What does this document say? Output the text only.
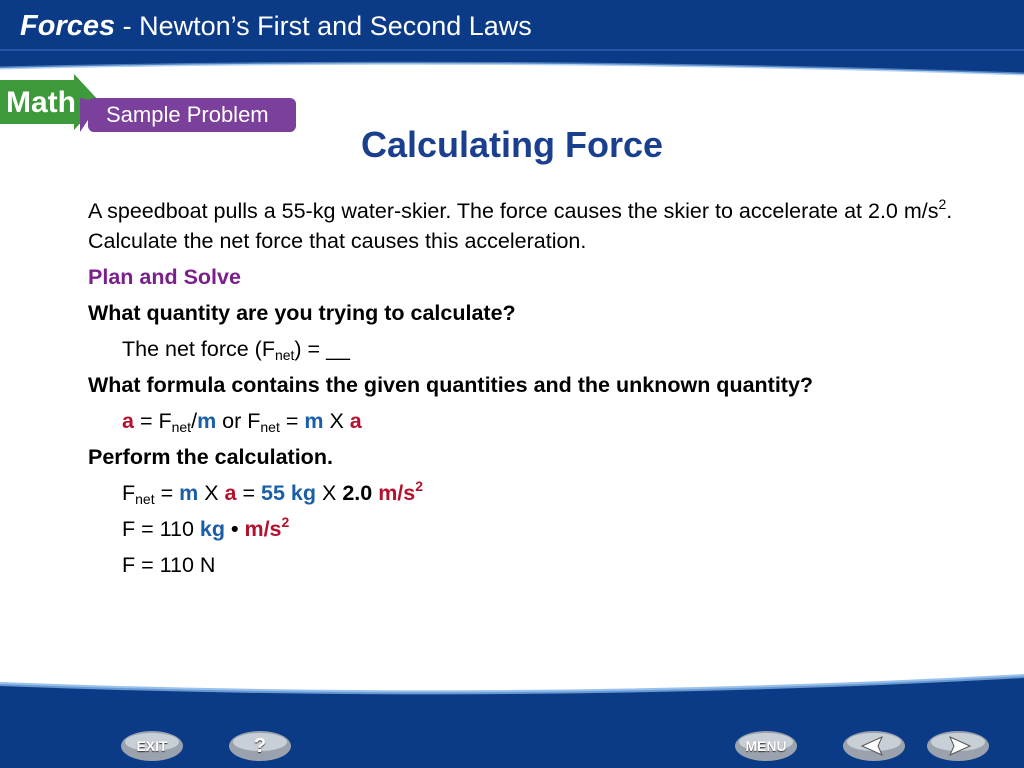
Forces - Newton’s First and Second Laws
Math Sample Problem
Calculating Force

A speedboat pulls a 55-kg water-skier. The force causes the skier to accelerate at 2.0 $m/s^2$. Calculate the net force that causes this acceleration.

Plan and Solve

What quantity are you trying to calculate?

The net force $(F_{net})$ = __

What formula contains the given quantities and the unknown quantity?

$a = F_{net}/m$ or $F_{net} = m$ X a

Perform the calculation.

$F_{net} = m$ X a = 55 kg X 2.0 $m/s^2$

F = 110 kg • $m/s^2$

F = 110 N

EXIT	?	MENU
